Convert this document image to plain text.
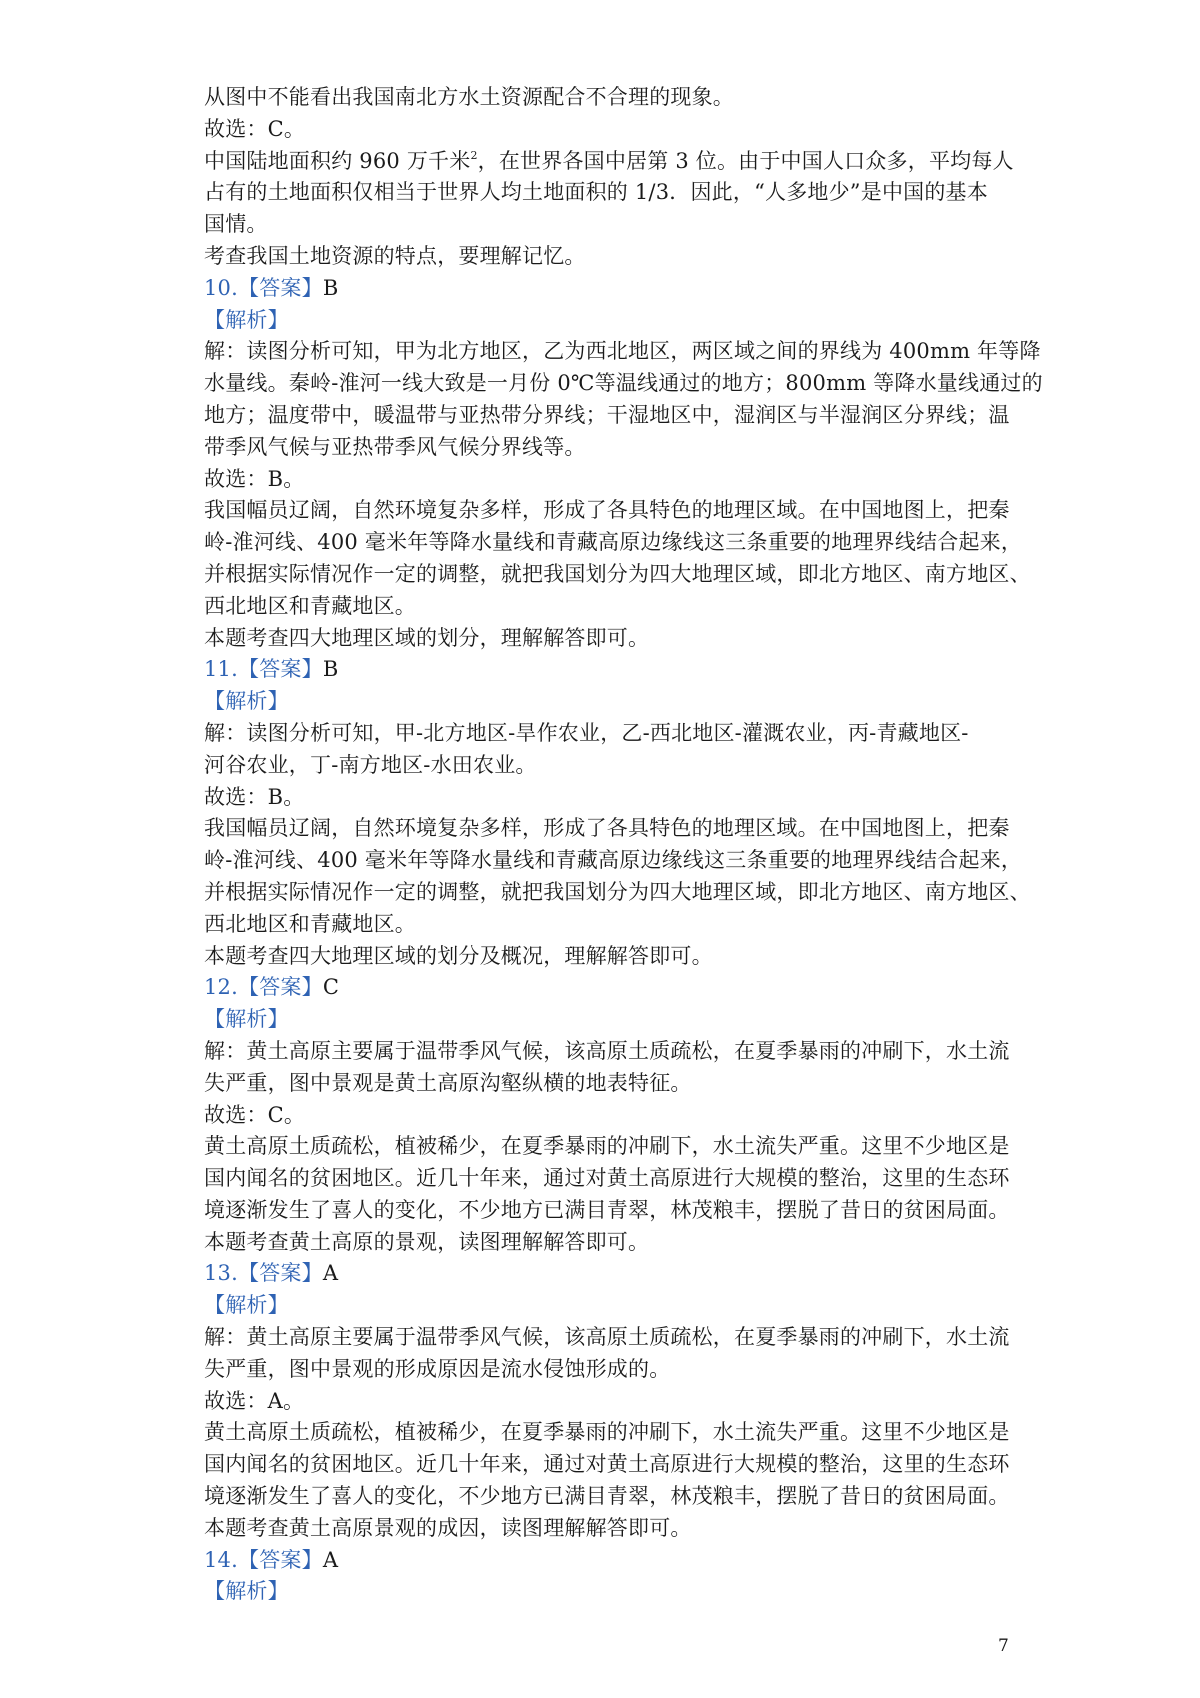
从图中不能看出我国南北方水土资源配合不合理的现象。
故选：C。
中国陆地面积约 960 万千米$^2$，在世界各国中居第 3 位。由于中国人口众多，平均每人
占有的土地面积仅相当于世界人均土地面积的 1/3．因此，“人多地少”是中国的基本
国情。
考查我国土地资源的特点，要理解记忆。
10.【答案】B
【解析】
解：读图分析可知，甲为北方地区，乙为西北地区，两区域之间的界线为 400mm 年等降
水量线。秦岭-淮河一线大致是一月份 0℃等温线通过的地方；800mm 等降水量线通过的
地方；温度带中，暖温带与亚热带分界线；干湿地区中，湿润区与半湿润区分界线；温
带季风气候与亚热带季风气候分界线等。
故选：B。
我国幅员辽阔，自然环境复杂多样，形成了各具特色的地理区域。在中国地图上，把秦
岭-淮河线、400 毫米年等降水量线和青藏高原边缘线这三条重要的地理界线结合起来，
并根据实际情况作一定的调整，就把我国划分为四大地理区域，即北方地区、南方地区、
西北地区和青藏地区。
本题考查四大地理区域的划分，理解解答即可。
11.【答案】B
【解析】
解：读图分析可知，甲-北方地区-旱作农业，乙-西北地区-灌溉农业，丙-青藏地区-
河谷农业，丁-南方地区-水田农业。
故选：B。
我国幅员辽阔，自然环境复杂多样，形成了各具特色的地理区域。在中国地图上，把秦
岭-淮河线、400 毫米年等降水量线和青藏高原边缘线这三条重要的地理界线结合起来，
并根据实际情况作一定的调整，就把我国划分为四大地理区域，即北方地区、南方地区、
西北地区和青藏地区。
本题考查四大地理区域的划分及概况，理解解答即可。
12.【答案】C
【解析】
解：黄土高原主要属于温带季风气候，该高原土质疏松，在夏季暴雨的冲刷下，水土流
失严重，图中景观是黄土高原沟壑纵横的地表特征。
故选：C。
黄土高原土质疏松，植被稀少，在夏季暴雨的冲刷下，水土流失严重。这里不少地区是
国内闻名的贫困地区。近几十年来，通过对黄土高原进行大规模的整治，这里的生态环
境逐渐发生了喜人的变化，不少地方已满目青翠，林茂粮丰，摆脱了昔日的贫困局面。
本题考查黄土高原的景观，读图理解解答即可。
13.【答案】A
【解析】
解：黄土高原主要属于温带季风气候，该高原土质疏松，在夏季暴雨的冲刷下，水土流
失严重，图中景观的形成原因是流水侵蚀形成的。
故选：A。
黄土高原土质疏松，植被稀少，在夏季暴雨的冲刷下，水土流失严重。这里不少地区是
国内闻名的贫困地区。近几十年来，通过对黄土高原进行大规模的整治，这里的生态环
境逐渐发生了喜人的变化，不少地方已满目青翠，林茂粮丰，摆脱了昔日的贫困局面。
本题考查黄土高原景观的成因，读图理解解答即可。
14.【答案】A
【解析】
7
